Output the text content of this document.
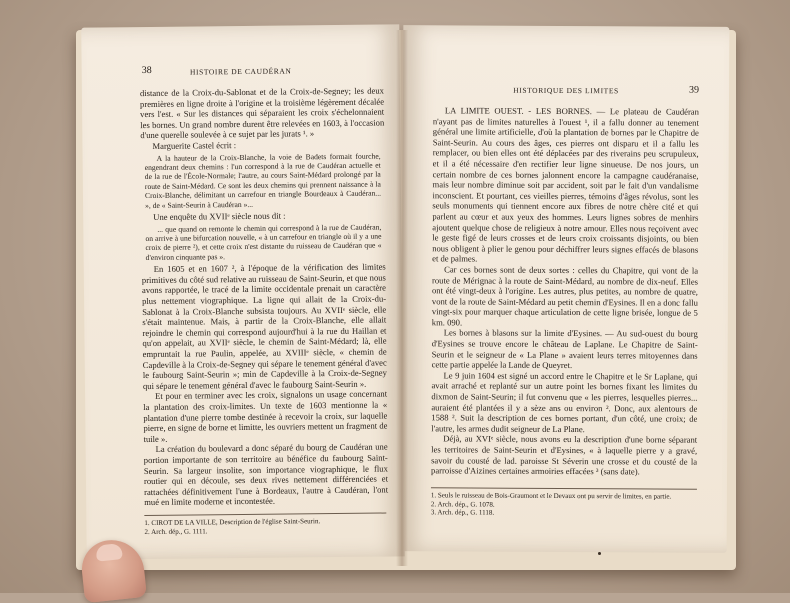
38	HISTOIRE DE CAUDÉRAN

distance de la Croix-du-Sablonat et de la Croix-de-Segney; les deux premières en ligne droite à l'origine et la troisième légèrement décalée vers l'est. « Sur les distances qui séparaient les croix s'échelonnaient les bornes. Un grand nombre durent être relevées en 1603, à l'occasion d'une querelle soulevée à ce sujet par les jurats ¹. »

Marguerite Castel écrit :

A la hauteur de la Croix-Blanche, la voie de Badets formait fourche, engendrant deux chemins : l'un correspond à la rue de Caudéran actuelle et de la rue de l'École-Normale; l'autre, au cours Saint-Médard prolongé par la route de Saint-Médard. Ce sont les deux chemins qui prennent naissance à la Croix-Blanche, délimitant un carrefour en triangle Bourdeaux à Caudéran... », de « Saint-Seurin à Caudéran »...

Une enquête du XVIIᵉ siècle nous dit :

... que quand on remonte le chemin qui correspond à la rue de Caudéran, on arrive à une bifurcation nouvelle, « à un carrefour en triangle où il y a une croix de pierre ²), et cette croix n'est distante du ruisseau de Caudéran que « d'environ cinquante pas ».

En 1605 et en 1607 ², à l'époque de la vérification des limites primitives du côté sud relative au ruisseau de Saint-Seurin, et que nous avons rapportée, le tracé de la limite occidentale prenait un caractère plus nettement viographique. La ligne qui allait de la Croix-du-Sablonat à la Croix-Blanche subsista toujours. Au XVIIᵉ siècle, elle s'était maintenue. Mais, à partir de la Croix-Blanche, elle allait rejoindre le chemin qui correspond aujourd'hui à la rue du Haillan et qu'on appelait, au XVIIᵉ siècle, le chemin de Saint-Médard; là, elle empruntait la rue Paulin, appelée, au XVIIIᵉ siècle, « chemin de Capdeville à la Croix-de-Segney qui sépare le tenement général d'avec le faubourg Saint-Seurin »; min de Capdeville à la Croix-de-Segney qui sépare le tenement général d'avec le faubourg Saint-Seurin ».

Et pour en terminer avec les croix, signalons un usage concernant la plantation des croix-limites. Un texte de 1603 mentionne la « plantation d'une pierre tombe destinée à recevoir la croix, sur laquelle pierre, en signe de borne et limitte, les ouvriers mettent un fragment de tuile ».

La création du boulevard a donc séparé du bourg de Caudéran une portion importante de son territoire au bénéfice du faubourg Saint-Seurin. Sa largeur insolite, son importance viographique, le flux routier qui en découle, ses deux rives nettement différenciées et rattachées définitivement l'une à Bordeaux, l'autre à Caudéran, l'ont mué en limite moderne et incontestée.

1. CIROT DE LA VILLE, Description de l'église Saint-Seurin.
2. Arch. dép., G. 1111.
39
HISTORIQUE DES LIMITES

LA LIMITE OUEST. - LES BORNES. — Le plateau de Caudéran n'ayant pas de limites naturelles à l'ouest ¹, il a fallu donner au tenement général une limite artificielle, d'où la plantation de bornes par le Chapitre de Saint-Seurin. Au cours des âges, ces pierres ont disparu et il a fallu les remplacer, ou bien elles ont été déplacées par des riverains peu scrupuleux, et il a été nécessaire d'en rectifier leur ligne sinueuse. De nos jours, un certain nombre de ces bornes jalonnent encore la campagne caudéranaise, mais leur nombre diminue soit par accident, soit par le fait d'un vandalisme inconscient. Et pourtant, ces vieilles pierres, témoins d'âges révolus, sont les seuls monuments qui tiennent encore aux fibres de notre chère cité et qui parlent au cœur et aux yeux des hommes. Leurs lignes sobres de menhirs ajoutent quelque chose de religieux à notre amour. Elles nous reçoivent avec le geste figé de leurs crosses et de leurs croix croissants disjoints, ou bien nous obligent à plier le genou pour déchiffrer leurs signes effacés de blasons et de palmes.

Car ces bornes sont de deux sortes : celles du Chapitre, qui vont de la route de Mérignac à la route de Saint-Médard, au nombre de dix-neuf. Elles ont été vingt-deux à l'origine. Les autres, plus petites, au nombre de quatre, vont de la route de Saint-Médard au petit chemin d'Eysines. Il en a donc fallu vingt-six pour marquer chaque articulation de cette ligne brisée, longue de 5 km. 090.

Les bornes à blasons sur la limite d'Eysines. — Au sud-ouest du bourg d'Eysines se trouve encore le château de Laplane. Le Chapitre de Saint-Seurin et le seigneur de « La Plane » avaient leurs terres mitoyennes dans cette partie appelée la Lande de Queyret.

Le 9 juin 1604 est signé un accord entre le Chapitre et le Sr Laplane, qui avait arraché et replanté sur un autre point les bornes fixant les limites du dixmon de Saint-Seurin; il fut convenu que « les pierres, lesquelles pierres... auraient été plantées il y a sèze ans ou environ ². Donc, aux alentours de 1588 ². Suit la description de ces bornes portant, d'un côté, une croix; de l'autre, les armes dudit seigneur de La Plane.

Déjà, au XVIᵉ siècle, nous avons eu la description d'une borne séparant les territoires de Saint-Seurin et d'Eysines, « à laquelle pierre y a gravé, savoir du cousté de lad. paroisse St Séverin une crosse et du cousté de la parroisse d'Aizines certaines armoiries effacées ³ (sans date).

1. Seuls le ruisseau de Bois-Graumont et le Devaux ont pu servir de limites, en partie.
2. Arch. dép., G. 1078.
3. Arch. dép., G. 1118.
